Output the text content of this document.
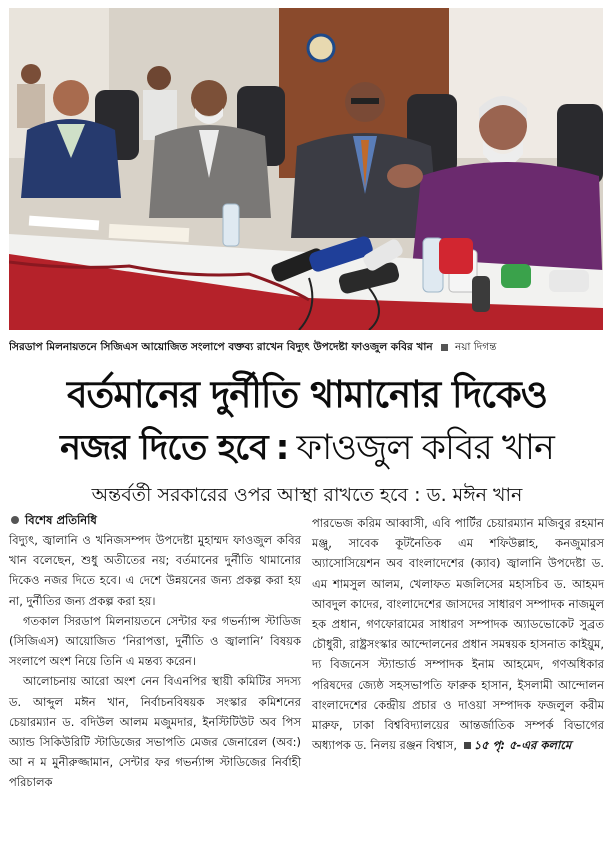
সিরডাপ মিলনায়তনে সিজিএস আয়োজিত সংলাপে বক্তব্য রাখেন বিদ্যুৎ উপদেষ্টা ফাওজুল কবির খান নয়া দিগন্ত
বর্তমানের দুর্নীতি থামানোর দিকেও
নজর দিতে হবে : ফাওজুল কবির খান
অন্তর্বর্তী সরকারের ওপর আস্থা রাখতে হবে : ড. মঈন খান
বিশেষ প্রতিনিধি

বিদ্যুৎ, জ্বালানি ও খনিজসম্পদ উপদেষ্টা মুহাম্মদ ফাওজুল কবির খান বলেছেন, শুধু অতীতের নয়; বর্তমানের দুর্নীতি থামানোর দিকেও নজর দিতে হবে। এ দেশে উন্নয়নের জন্য প্রকল্প করা হয় না, দুর্নীতির জন্য প্রকল্প করা হয়।

গতকাল সিরডাপ মিলনায়তনে সেন্টার ফর গভর্ন্যান্স স্টাডিজ (সিজিএস) আয়োজিত ‘নিরাপত্তা, দুর্নীতি ও জ্বালানি’ বিষয়ক সংলাপে অংশ নিয়ে তিনি এ মন্তব্য করেন।

আলোচনায় আরো অংশ নেন বিএনপির স্থায়ী কমিটির সদস্য ড. আব্দুল মঈন খান, নির্বাচনবিষয়ক সংস্কার কমিশনের চেয়ারম্যান ড. বদিউল আলম মজুমদার, ইনস্টিটিউট অব পিস অ্যান্ড সিকিউরিটি স্টাডিজের সভাপতি মেজর জেনারেল (অব:) আ ন ম মুনীরুজ্জামান, সেন্টার ফর গভর্ন্যান্স স্টাডিজের নির্বাহী পরিচালক

পারভেজ করিম আব্বাসী, এবি পার্টির চেয়ারম্যান মজিবুর রহমান মঞ্জু, সাবেক কূটনৈতিক এম শফিউল্লাহ, কনজুমারস অ্যাসোসিয়েশন অব বাংলাদেশের (ক্যাব) জ্বালানি উপদেষ্টা ড. এম শামসুল আলম, খেলাফত মজলিসের মহাসচিব ড. আহমদ আবদুল কাদের, বাংলাদেশের জাসদের সাধারণ সম্পাদক নাজমুল হক প্রধান, গণফোরামের সাধারণ সম্পাদক অ্যাডভোকেট সুব্রত চৌধুরী, রাষ্ট্রসংস্কার আন্দোলনের প্রধান সমন্বয়ক হাসনাত কাইয়ুম, দ্য বিজনেস স্ট্যান্ডার্ড সম্পাদক ইনাম আহমেদ, গণঅধিকার পরিষদের জ্যেষ্ঠ সহসভাপতি ফারুক হাসান, ইসলামী আন্দোলন বাংলাদেশের কেন্দ্রীয় প্রচার ও দাওয়া সম্পাদক ফজলুল করীম মারুফ, ঢাকা বিশ্ববিদ্যালয়ের আন্তর্জাতিক সম্পর্ক বিভাগের অধ্যাপক ড. নিলয় রঞ্জন বিশ্বাস, ১৫ পৃ: ৫-এর কলামে
